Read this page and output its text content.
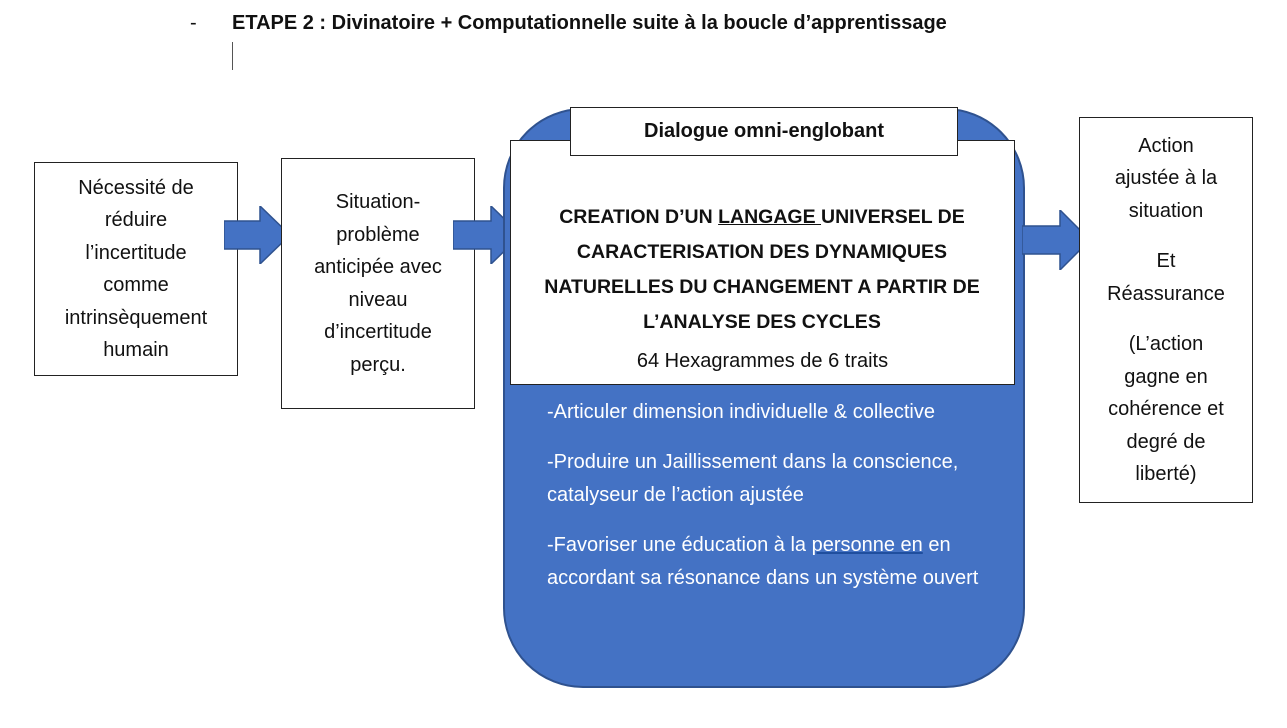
- ETAPE 2 : Divinatoire + Computationnelle suite à la boucle d’apprentissage
Nécessité de
réduire
l’incertitude
comme
intrinsèquement
humain
Situation-
problème
anticipée avec
niveau
d’incertitude
perçu.
Dialogue omni-englobant
CREATION D’UN LANGAGE UNIVERSEL DE CARACTERISATION DES DYNAMIQUES NATURELLES DU CHANGEMENT A PARTIR DE L’ANALYSE DES CYCLES
64 Hexagrammes de 6 traits

-Articuler dimension individuelle & collective

-Produire un Jaillissement dans la conscience, catalyseur de l’action ajustée

-Favoriser une éducation à la personne en en accordant sa résonance dans un système ouvert

Action
ajustée à la
situation
Et
Réassurance
(L’action
gagne en
cohérence et
degré de
liberté)
